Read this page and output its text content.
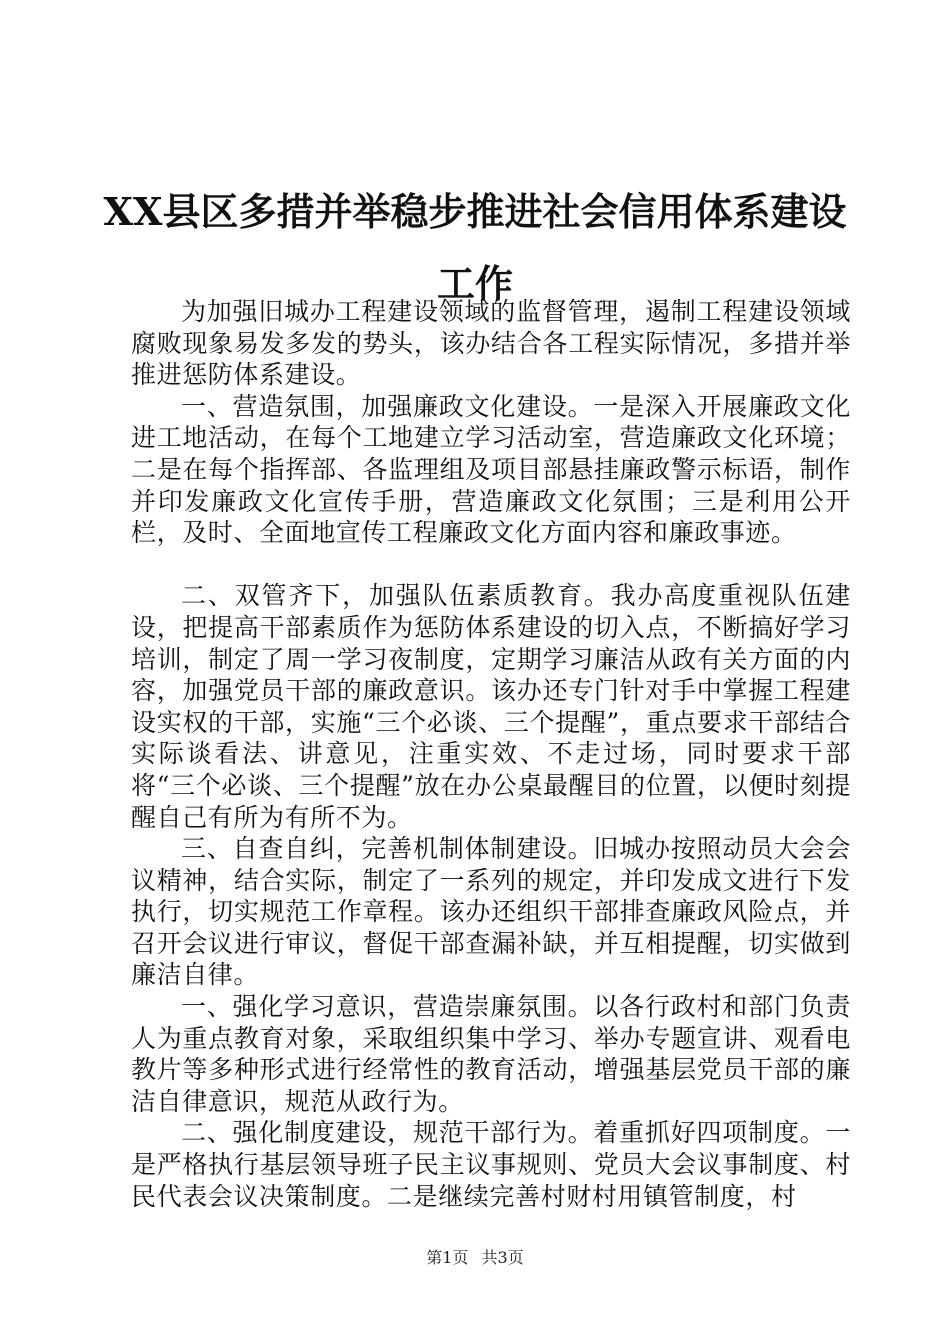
XX县区多措并举稳步推进社会信用体系建设
工作

为加强旧城办工程建设领域的监督管理，遏制工程建设领域腐败现象易发多发的势头，该办结合各工程实际情况，多措并举推进惩防体系建设。

一、营造氛围，加强廉政文化建设。一是深入开展廉政文化进工地活动，在每个工地建立学习活动室，营造廉政文化环境；二是在每个指挥部、各监理组及项目部悬挂廉政警示标语，制作并印发廉政文化宣传手册，营造廉政文化氛围；三是利用公开栏，及时、全面地宣传工程廉政文化方面内容和廉政事迹。

二、双管齐下，加强队伍素质教育。我办高度重视队伍建设，把提高干部素质作为惩防体系建设的切入点，不断搞好学习培训，制定了周一学习夜制度，定期学习廉洁从政有关方面的内容，加强党员干部的廉政意识。该办还专门针对手中掌握工程建设实权的干部，实施“三个必谈、三个提醒”，重点要求干部结合实际谈看法、讲意见，注重实效、不走过场，同时要求干部将“三个必谈、三个提醒”放在办公桌最醒目的位置，以便时刻提醒自己有所为有所不为。

三、自查自纠，完善机制体制建设。旧城办按照动员大会会议精神，结合实际，制定了一系列的规定，并印发成文进行下发执行，切实规范工作章程。该办还组织干部排查廉政风险点，并召开会议进行审议，督促干部查漏补缺，并互相提醒，切实做到廉洁自律。

一、强化学习意识，营造崇廉氛围。以各行政村和部门负责人为重点教育对象，采取组织集中学习、举办专题宣讲、观看电教片等多种形式进行经常性的教育活动，增强基层党员干部的廉洁自律意识，规范从政行为。

二、强化制度建设，规范干部行为。着重抓好四项制度。一是严格执行基层领导班子民主议事规则、党员大会议事制度、村民代表会议决策制度。二是继续完善村财村用镇管制度，村

第1页 共3页
